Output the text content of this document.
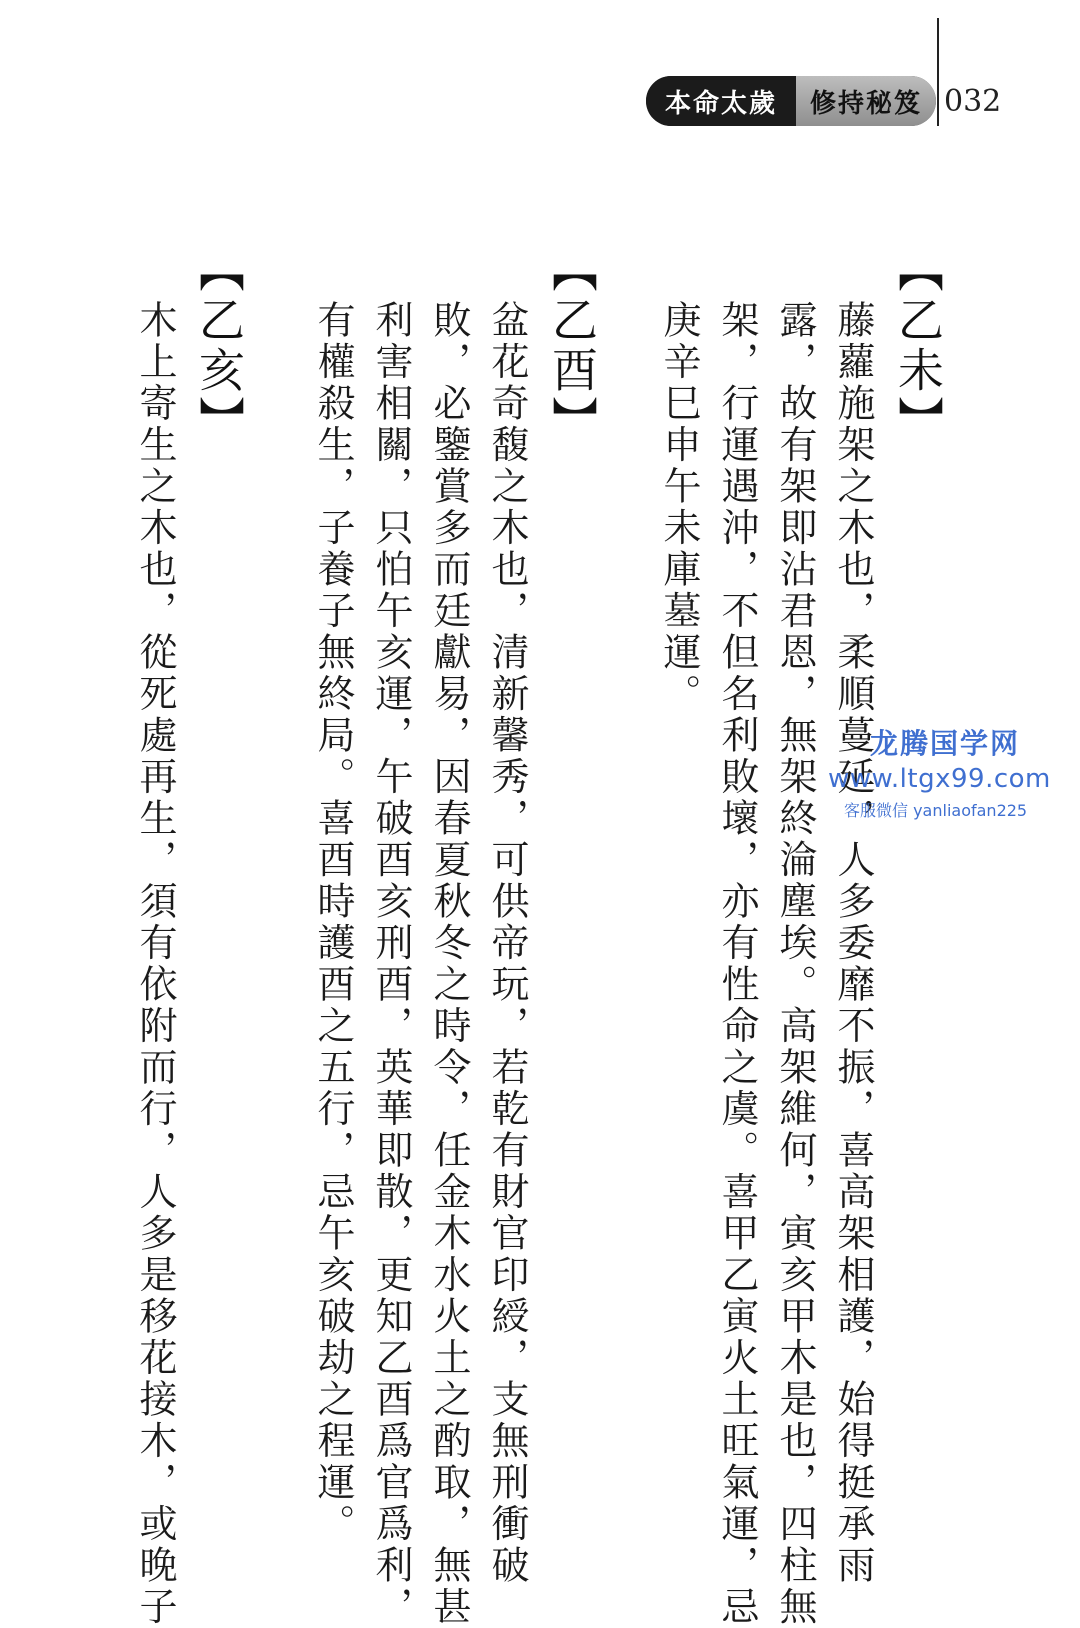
本命太歲	修持秘笈 032
【乙未】
藤蘿施架之木也，柔順蔓延，人多委靡不振，喜高架相護，始得挺承雨
露，故有架即沾君恩，無架終淪塵埃。高架維何，寅亥甲木是也，四柱無
架，行運遇沖，不但名利敗壞，亦有性命之虞。喜甲乙寅火土旺氣運，忌
庚辛巳申午未庫墓運。
【乙酉】
盆花奇馥之木也，清新馨秀，可供帝玩，若乾有財官印綬，支無刑衝破
敗，必鑒賞多而廷獻易，因春夏秋冬之時令，任金木水火土之酌取，無甚
利害相關，只怕午亥運，午破酉亥刑酉，英華即散，更知乙酉爲官爲利，
有權殺生，子養子無終局。喜酉時護酉之五行，忌午亥破劫之程運。
【乙亥】
木上寄生之木也，從死處再生，須有依附而行，人多是移花接木，或晚子	龙腾国学网
www.ltgx99.com
客服微信 yanliaofan225
